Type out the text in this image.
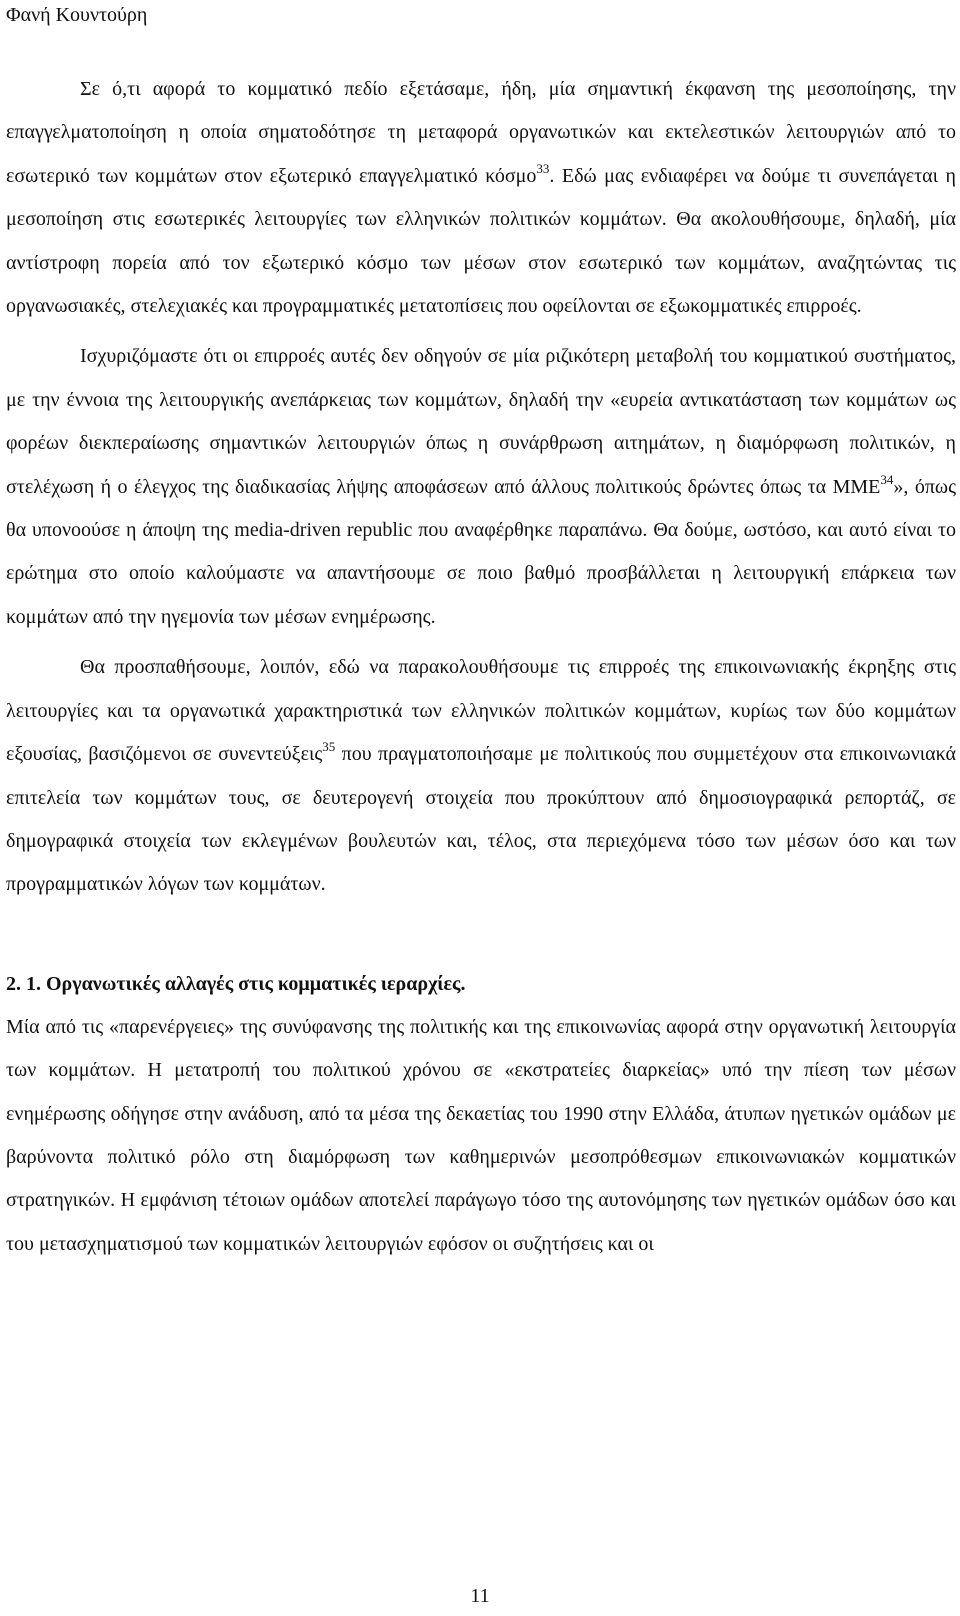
Φανή Κουντούρη

Σε ό,τι αφορά το κομματικό πεδίο εξετάσαμε, ήδη, μία σημαντική έκφανση της μεσοποίησης, την επαγγελματοποίηση η οποία σηματοδότησε τη μεταφορά οργανωτικών και εκτελεστικών λειτουργιών από το εσωτερικό των κομμάτων στον εξωτερικό επαγγελματικό κόσμο$^{33}$. Εδώ μας ενδιαφέρει να δούμε τι συνεπάγεται η μεσοποίηση στις εσωτερικές λειτουργίες των ελληνικών πολιτικών κομμάτων. Θα ακολουθήσουμε, δηλαδή, μία αντίστροφη πορεία από τον εξωτερικό κόσμο των μέσων στον εσωτερικό των κομμάτων, αναζητώντας τις οργανωσιακές, στελεχιακές και προγραμματικές μετατοπίσεις που οφείλονται σε εξωκομματικές επιρροές.

Ισχυριζόμαστε ότι οι επιρροές αυτές δεν οδηγούν σε μία ριζικότερη μεταβολή του κομματικού συστήματος, με την έννοια της λειτουργικής ανεπάρκειας των κομμάτων, δηλαδή την «ευρεία αντικατάσταση των κομμάτων ως φορέων διεκπεραίωσης σημαντικών λειτουργιών όπως η συνάρθρωση αιτημάτων, η διαμόρφωση πολιτικών, η στελέχωση ή ο έλεγχος της διαδικασίας λήψης αποφάσεων από άλλους πολιτικούς δρώντες όπως τα ΜΜΕ$^{34}$», όπως θα υπονοούσε η άποψη της media-driven republic που αναφέρθηκε παραπάνω. Θα δούμε, ωστόσο, και αυτό είναι το ερώτημα στο οποίο καλούμαστε να απαντήσουμε σε ποιο βαθμό προσβάλλεται η λειτουργική επάρκεια των κομμάτων από την ηγεμονία των μέσων ενημέρωσης.

Θα προσπαθήσουμε, λοιπόν, εδώ να παρακολουθήσουμε τις επιρροές της επικοινωνιακής έκρηξης στις λειτουργίες και τα οργανωτικά χαρακτηριστικά των ελληνικών πολιτικών κομμάτων, κυρίως των δύο κομμάτων εξουσίας, βασιζόμενοι σε συνεντεύξεις$^{35}$ που πραγματοποιήσαμε με πολιτικούς που συμμετέχουν στα επικοινωνιακά επιτελεία των κομμάτων τους, σε δευτερογενή στοιχεία που προκύπτουν από δημοσιογραφικά ρεπορτάζ, σε δημογραφικά στοιχεία των εκλεγμένων βουλευτών και, τέλος, στα περιεχόμενα τόσο των μέσων όσο και των προγραμματικών λόγων των κομμάτων.

2. 1. Οργανωτικές αλλαγές στις κομματικές ιεραρχίες.

Μία από τις «παρενέργειες» της συνύφανσης της πολιτικής και της επικοινωνίας αφορά στην οργανωτική λειτουργία των κομμάτων. Η μετατροπή του πολιτικού χρόνου σε «εκστρατείες διαρκείας» υπό την πίεση των μέσων ενημέρωσης οδήγησε στην ανάδυση, από τα μέσα της δεκαετίας του 1990 στην Ελλάδα, άτυπων ηγετικών ομάδων με βαρύνοντα πολιτικό ρόλο στη διαμόρφωση των καθημερινών μεσοπρόθεσμων επικοινωνιακών κομματικών στρατηγικών. Η εμφάνιση τέτοιων ομάδων αποτελεί παράγωγο τόσο της αυτονόμησης των ηγετικών ομάδων όσο και του μετασχηματισμού των κομματικών λειτουργιών εφόσον οι συζητήσεις και οι

11
